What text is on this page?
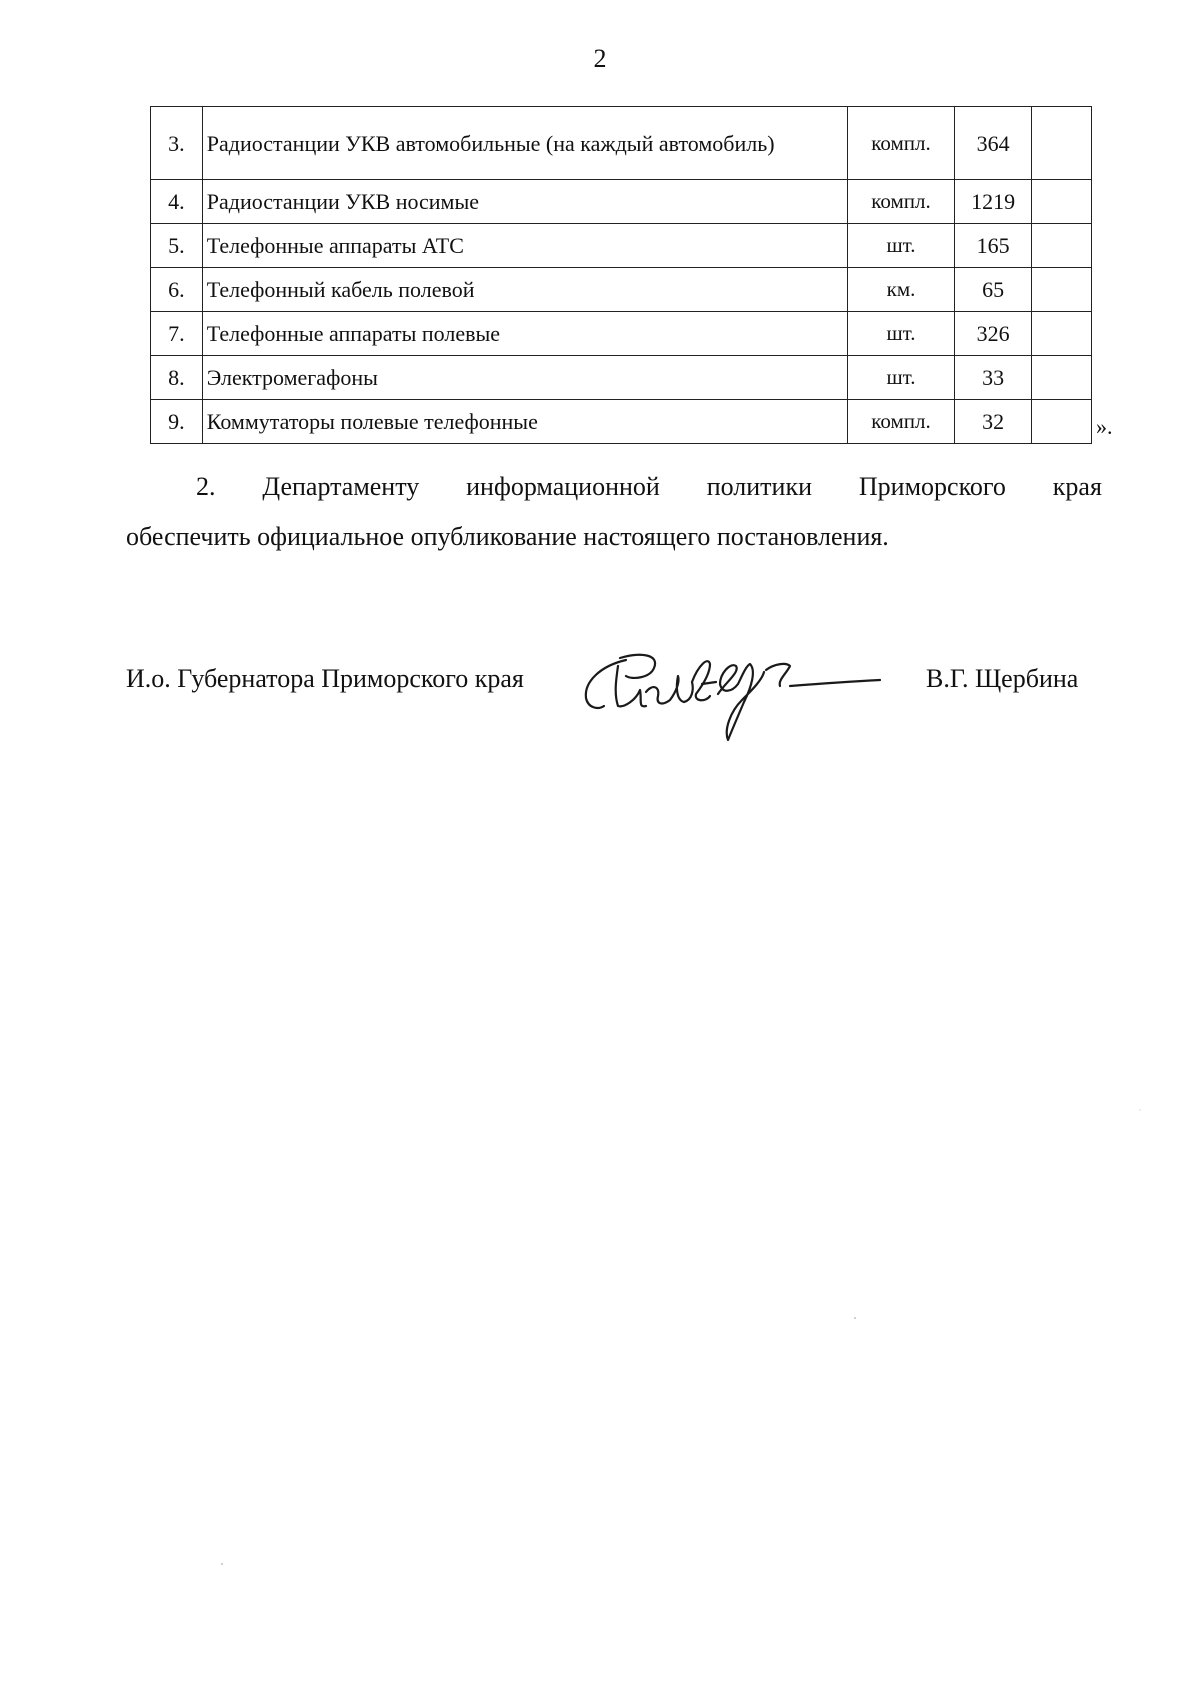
2
3.	Радиостанции УКВ автомобильные (на каждый автомобиль)	компл.	364	
4.	Радиостанции УКВ носимые	компл.	1219	
5.	Телефонные аппараты АТС	шт.	165	
6.	Телефонный кабель полевой	км.	65	
7.	Телефонные аппараты полевые	шт.	326	
8.	Электромегафоны	шт.	33	
9.	Коммутаторы полевые телефонные	компл.	32		».
2. Департаменту информационной политики Приморского края
обеспечить официальное опубликование настоящего постановления.
И.о. Губернатора Приморского края	В.Г. Щербина
